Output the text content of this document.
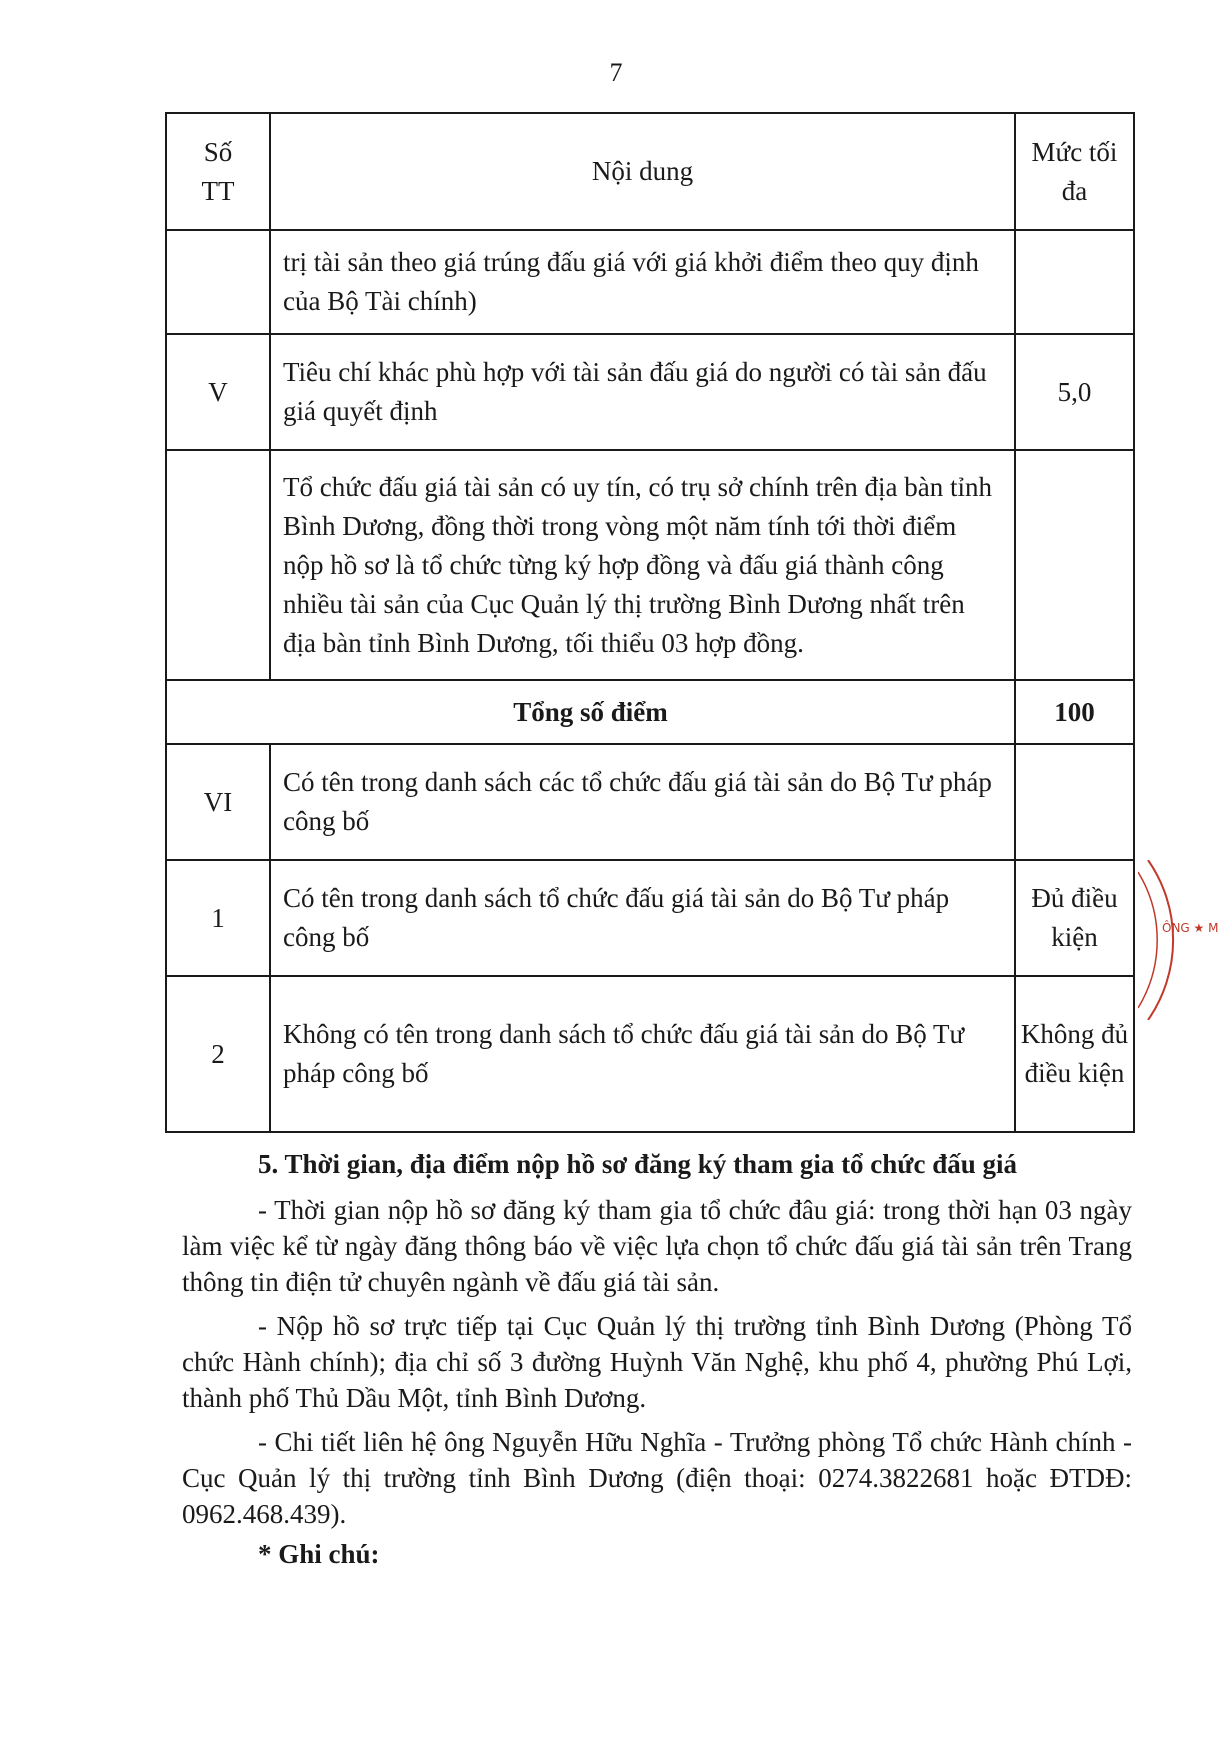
7
Số TT	Nội dung	Mức tối đa
	trị tài sản theo giá trúng đấu giá với giá khởi điểm theo quy định của Bộ Tài chính)	
V	Tiêu chí khác phù hợp với tài sản đấu giá do người có tài sản đấu giá quyết định	5,0
	Tổ chức đấu giá tài sản có uy tín, có trụ sở chính trên địa bàn tỉnh Bình Dương, đồng thời trong vòng một năm tính tới thời điểm nộp hồ sơ là tổ chức từng ký hợp đồng và đấu giá thành công nhiều tài sản của Cục Quản lý thị trường Bình Dương nhất trên địa bàn tỉnh Bình Dương, tối thiểu 03 hợp đồng.	
Tổng số điểm		100
VI	Có tên trong danh sách các tổ chức đấu giá tài sản do Bộ Tư pháp công bố	
1	Có tên trong danh sách tổ chức đấu giá tài sản do Bộ Tư pháp công bố	Đủ điều kiện
2	Không có tên trong danh sách tổ chức đấu giá tài sản do Bộ Tư pháp công bố	Không đủ điều kiện
5. Thời gian, địa điểm nộp hồ sơ đăng ký tham gia tổ chức đấu giá

- Thời gian nộp hồ sơ đăng ký tham gia tổ chức đâu giá: trong thời hạn 03 ngày làm việc kể từ ngày đăng thông báo về việc lựa chọn tổ chức đấu giá tài sản trên Trang thông tin điện tử chuyên ngành về đấu giá tài sản.

- Nộp hồ sơ trực tiếp tại Cục Quản lý thị trường tỉnh Bình Dương (Phòng Tổ chức Hành chính); địa chỉ số 3 đường Huỳnh Văn Nghệ, khu phố 4, phường Phú Lợi, thành phố Thủ Dầu Một, tỉnh Bình Dương.

- Chi tiết liên hệ ông Nguyễn Hữu Nghĩa - Trưởng phòng Tổ chức Hành chính - Cục Quản lý thị trường tỉnh Bình Dương (điện thoại: 0274.3822681 hoặc ĐTDĐ: 0962.468.439).

* Ghi chú:
ÔNG ★ M
